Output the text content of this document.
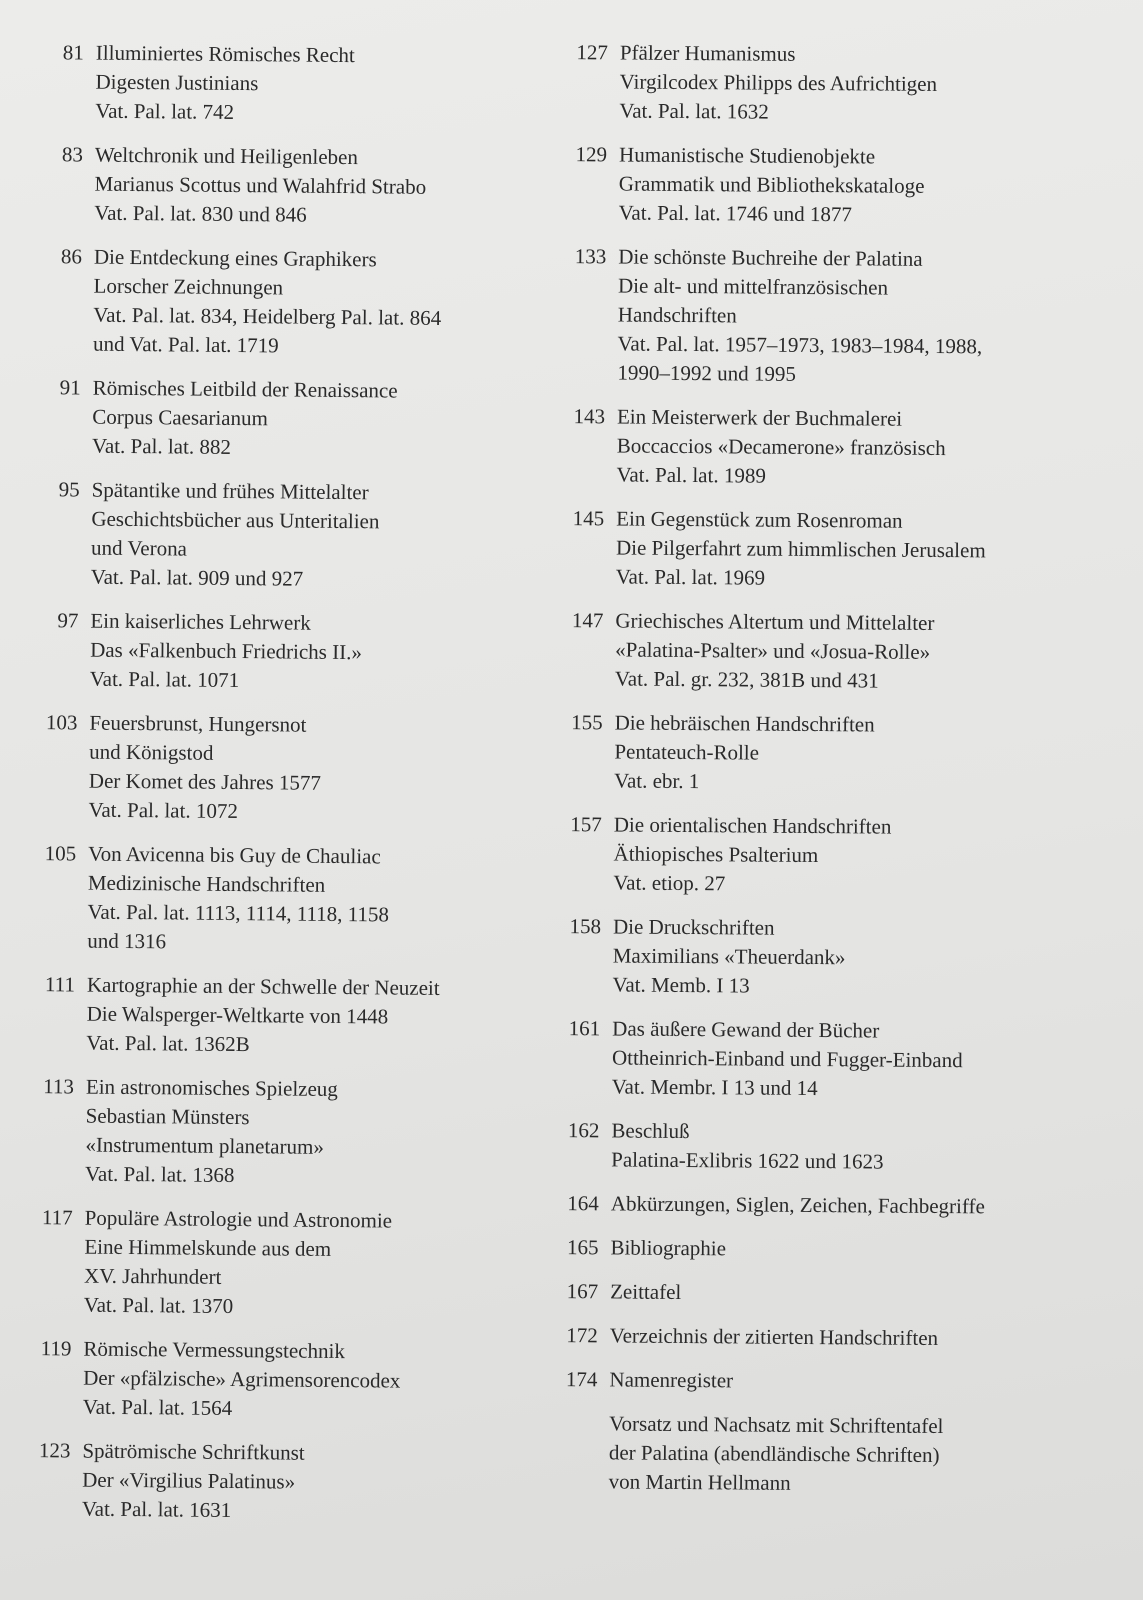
81 Illuminiertes Römisches Recht
Digesten Justinians
Vat. Pal. lat. 742
83 Weltchronik und Heiligenleben
Marianus Scottus und Walahfrid Strabo
Vat. Pal. lat. 830 und 846
86 Die Entdeckung eines Graphikers
Lorscher Zeichnungen
Vat. Pal. lat. 834, Heidelberg Pal. lat. 864
und Vat. Pal. lat. 1719
91 Römisches Leitbild der Renaissance
Corpus Caesarianum
Vat. Pal. lat. 882
95 Spätantike und frühes Mittelalter
Geschichtsbücher aus Unteritalien
und Verona
Vat. Pal. lat. 909 und 927
97 Ein kaiserliches Lehrwerk
Das «Falkenbuch Friedrichs II.»
Vat. Pal. lat. 1071
103 Feuersbrunst, Hungersnot
und Königstod
Der Komet des Jahres 1577
Vat. Pal. lat. 1072
105 Von Avicenna bis Guy de Chauliac
Medizinische Handschriften
Vat. Pal. lat. 1113, 1114, 1118, 1158
und 1316
111 Kartographie an der Schwelle der Neuzeit
Die Walsperger-Weltkarte von 1448
Vat. Pal. lat. 1362B
113 Ein astronomisches Spielzeug
Sebastian Münsters
«Instrumentum planetarum»
Vat. Pal. lat. 1368
117 Populäre Astrologie und Astronomie
Eine Himmelskunde aus dem
XV. Jahrhundert
Vat. Pal. lat. 1370
119 Römische Vermessungstechnik
Der «pfälzische» Agrimensorencodex
Vat. Pal. lat. 1564
123 Spätrömische Schriftkunst
Der «Virgilius Palatinus»
Vat. Pal. lat. 1631
127 Pfälzer Humanismus
Virgilcodex Philipps des Aufrichtigen
Vat. Pal. lat. 1632
129 Humanistische Studienobjekte
Grammatik und Bibliothekskataloge
Vat. Pal. lat. 1746 und 1877
133 Die schönste Buchreihe der Palatina
Die alt- und mittelfranzösischen
Handschriften
Vat. Pal. lat. 1957–1973, 1983–1984, 1988,
1990–1992 und 1995
143 Ein Meisterwerk der Buchmalerei
Boccaccios «Decamerone» französisch
Vat. Pal. lat. 1989
145 Ein Gegenstück zum Rosenroman
Die Pilgerfahrt zum himmlischen Jerusalem
Vat. Pal. lat. 1969
147 Griechisches Altertum und Mittelalter
«Palatina-Psalter» und «Josua-Rolle»
Vat. Pal. gr. 232, 381B und 431
155 Die hebräischen Handschriften
Pentateuch-Rolle
Vat. ebr. 1
157 Die orientalischen Handschriften
Äthiopisches Psalterium
Vat. etiop. 27
158 Die Druckschriften
Maximilians «Theuerdank»
Vat. Memb. I 13
161 Das äußere Gewand der Bücher
Ottheinrich-Einband und Fugger-Einband
Vat. Membr. I 13 und 14
162 Beschluß
Palatina-Exlibris 1622 und 1623
164 Abkürzungen, Siglen, Zeichen, Fachbegriffe
165 Bibliographie
167 Zeittafel
172 Verzeichnis der zitierten Handschriften
174 Namenregister
Vorsatz und Nachsatz mit Schriftentafel
der Palatina (abendländische Schriften)
von Martin Hellmann
